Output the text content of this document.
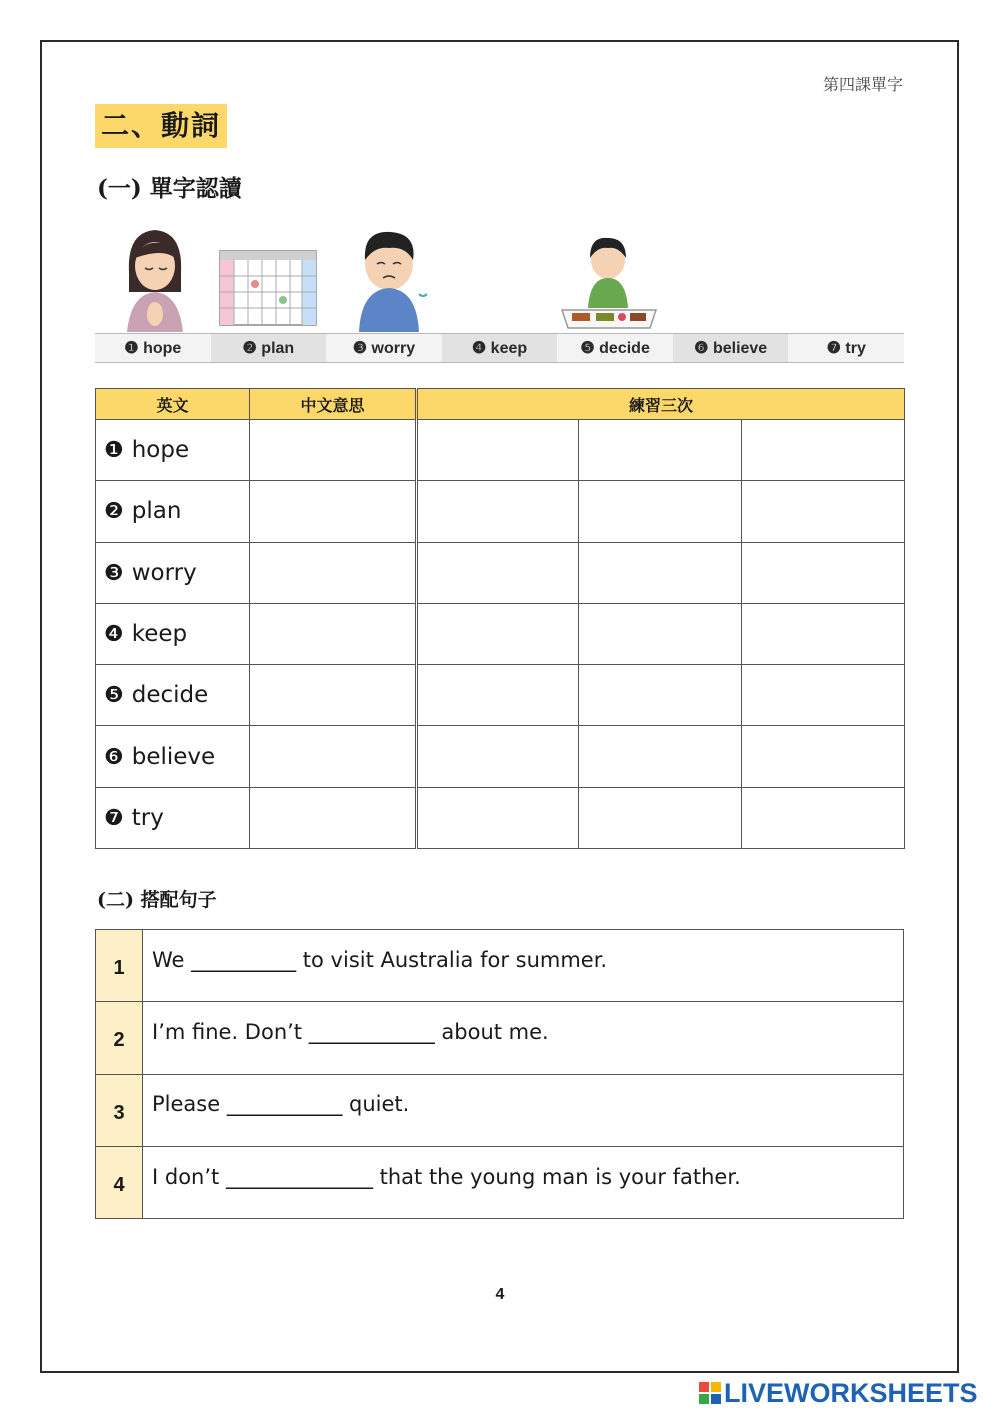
第四課單字
二、動詞
(一) 單字認讀
❶ hope	❷ plan	❸ worry	❹ keep	❺ decide	❻ believe	❼ try
英文	中文意思	練習三次		
❶ hope				
❷ plan				
❸ worry				
❹ keep				
❺ decide				
❻ believe				
❼ try				
(二) 搭配句子
1	We __________ to visit Australia for summer.
2	I’m fine. Don’t ____________ about me.
3	Please ___________ quiet.
4	I don’t ______________ that the young man is your father.
4
LIVEWORKSHEETS
